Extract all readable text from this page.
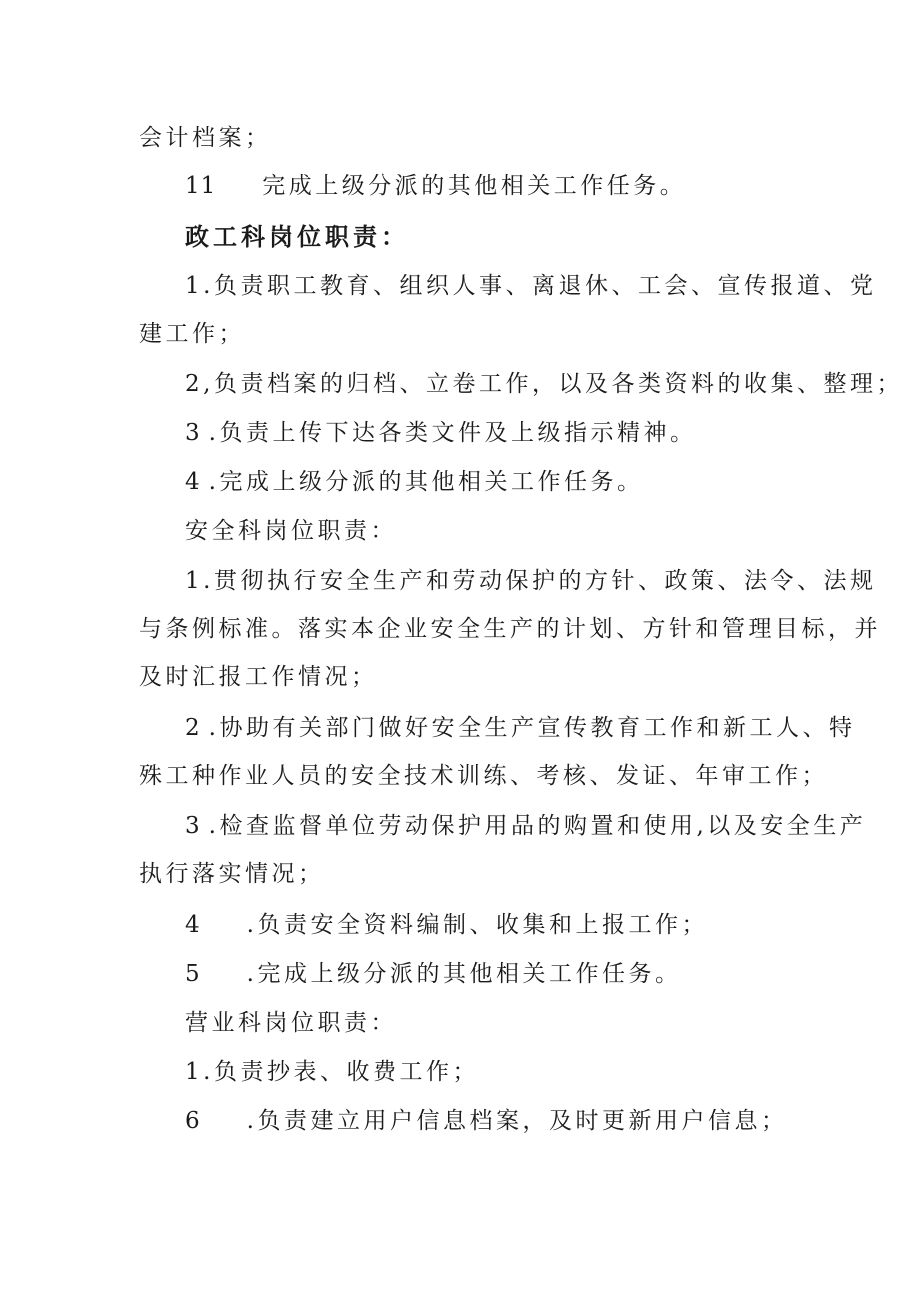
会计档案；
11 完成上级分派的其他相关工作任务。
政工科岗位职责：
1.负责职工教育、组织人事、离退休、工会、宣传报道、党
建工作；
2,负责档案的归档、立卷工作，以及各类资料的收集、整理；
3 .负责上传下达各类文件及上级指示精神。
4 .完成上级分派的其他相关工作任务。
安全科岗位职责：
1.贯彻执行安全生产和劳动保护的方针、政策、法令、法规
与条例标准。落实本企业安全生产的计划、方针和管理目标，并
及时汇报工作情况；
2 .协助有关部门做好安全生产宣传教育工作和新工人、特
殊工种作业人员的安全技术训练、考核、发证、年审工作；
3 .检查监督单位劳动保护用品的购置和使用,以及安全生产
执行落实情况；
4 .负责安全资料编制、收集和上报工作；
5 .完成上级分派的其他相关工作任务。
营业科岗位职责：
1.负责抄表、收费工作；
6 .负责建立用户信息档案，及时更新用户信息；
